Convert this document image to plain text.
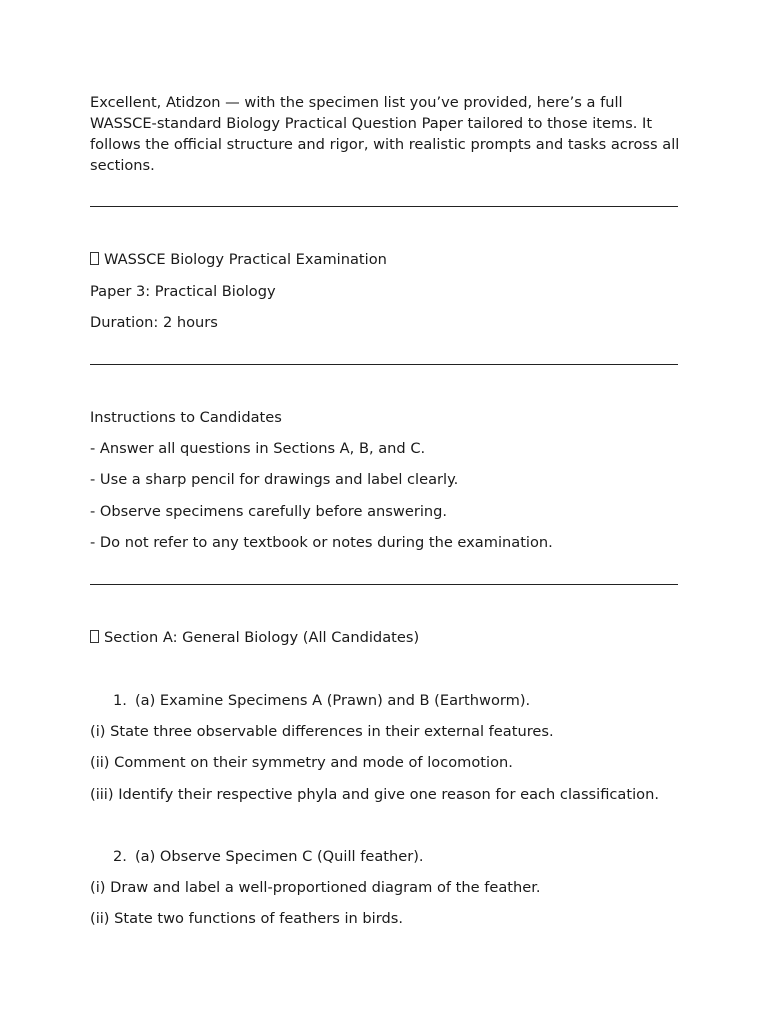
Excellent, Atidzon — with the specimen list you’ve provided, here’s a full WASSCE-standard Biology Practical Question Paper tailored to those items. It follows the official structure and rigor, with realistic prompts and tasks across all sections.

WASSCE Biology Practical Examination

Paper 3: Practical Biology

Duration: 2 hours

Instructions to Candidates

- Answer all questions in Sections A, B, and C.

- Use a sharp pencil for drawings and label clearly.

- Observe specimens carefully before answering.

- Do not refer to any textbook or notes during the examination.

Section A: General Biology (All Candidates)

1. (a) Examine Specimens A (Prawn) and B (Earthworm).

(i) State three observable differences in their external features.

(ii) Comment on their symmetry and mode of locomotion.

(iii) Identify their respective phyla and give one reason for each classification.

2. (a) Observe Specimen C (Quill feather).

(i) Draw and label a well-proportioned diagram of the feather.

(ii) State two functions of feathers in birds.
